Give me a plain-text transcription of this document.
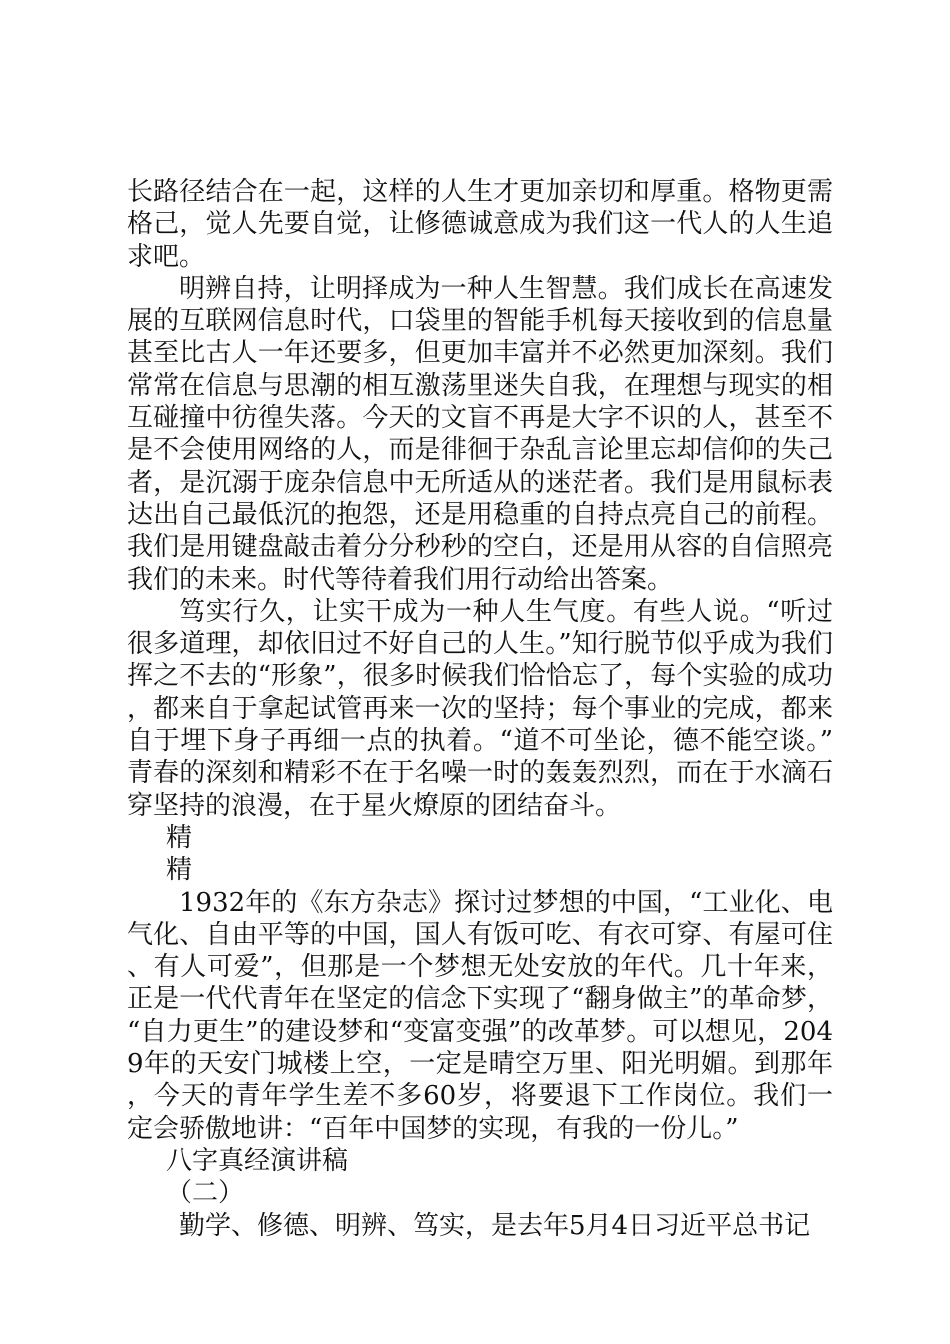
长路径结合在一起，这样的人生才更加亲切和厚重。格物更需格己，觉人先要自觉，让修德诚意成为我们这一代人的人生追求吧。

明辨自持，让明择成为一种人生智慧。我们成长在高速发展的互联网信息时代，口袋里的智能手机每天接收到的信息量甚至比古人一年还要多，但更加丰富并不必然更加深刻。我们常常在信息与思潮的相互激荡里迷失自我，在理想与现实的相互碰撞中彷徨失落。今天的文盲不再是大字不识的人，甚至不是不会使用网络的人，而是徘徊于杂乱言论里忘却信仰的失己者，是沉溺于庞杂信息中无所适从的迷茫者。我们是用鼠标表达出自己最低沉的抱怨，还是用稳重的自持点亮自己的前程。我们是用键盘敲击着分分秒秒的空白，还是用从容的自信照亮我们的未来。时代等待着我们用行动给出答案。

笃实行久，让实干成为一种人生气度。有些人说。“听过很多道理，却依旧过不好自己的人生。”知行脱节似乎成为我们挥之不去的“形象”，很多时候我们恰恰忘了，每个实验的成功，都来自于拿起试管再来一次的坚持；每个事业的完成，都来自于埋下身子再细一点的执着。“道不可坐论，德不能空谈。”青春的深刻和精彩不在于名噪一时的轰轰烈烈，而在于水滴石穿坚持的浪漫，在于星火燎原的团结奋斗。

精

精

1932年的《东方杂志》探讨过梦想的中国，“工业化、电气化、自由平等的中国，国人有饭可吃、有衣可穿、有屋可住、有人可爱”，但那是一个梦想无处安放的年代。几十年来，正是一代代青年在坚定的信念下实现了“翻身做主”的革命梦，“自力更生”的建设梦和“变富变强”的改革梦。可以想见，2049年的天安门城楼上空，一定是晴空万里、阳光明媚。到那年，今天的青年学生差不多60岁，将要退下工作岗位。我们一定会骄傲地讲：“百年中国梦的实现，有我的一份儿。”

八字真经演讲稿

（二）

勤学、修德、明辨、笃实，是去年5月4日习近平总书记
